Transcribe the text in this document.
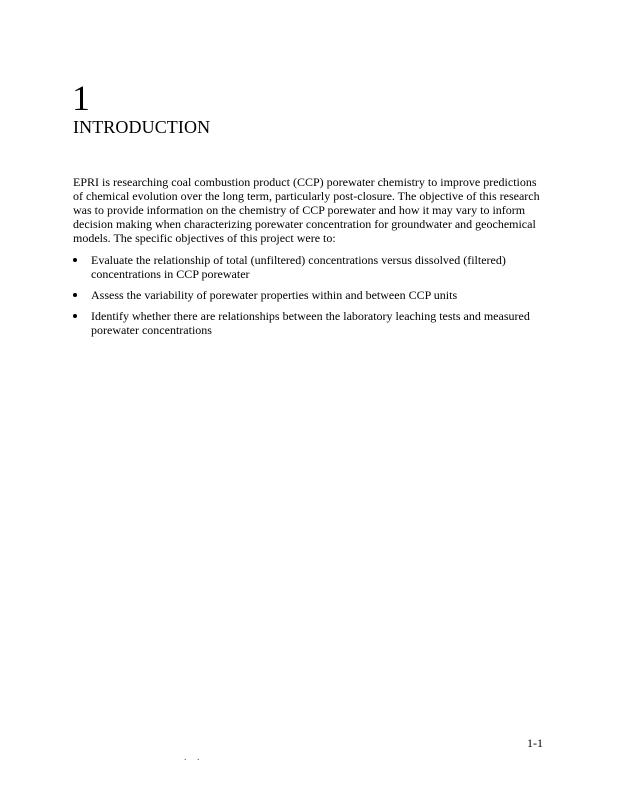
1
INTRODUCTION

EPRI is researching coal combustion product (CCP) porewater chemistry to improve predictions of chemical evolution over the long term, particularly post-closure. The objective of this research was to provide information on the chemistry of CCP porewater and how it may vary to inform decision making when characterizing porewater concentration for groundwater and geochemical models. The specific objectives of this project were to:

Evaluate the relationship of total (unfiltered) concentrations versus dissolved (filtered) concentrations in CCP porewater
Assess the variability of porewater properties within and between CCP units
Identify whether there are relationships between the laboratory leaching tests and measured porewater concentrations
1-1
. .
